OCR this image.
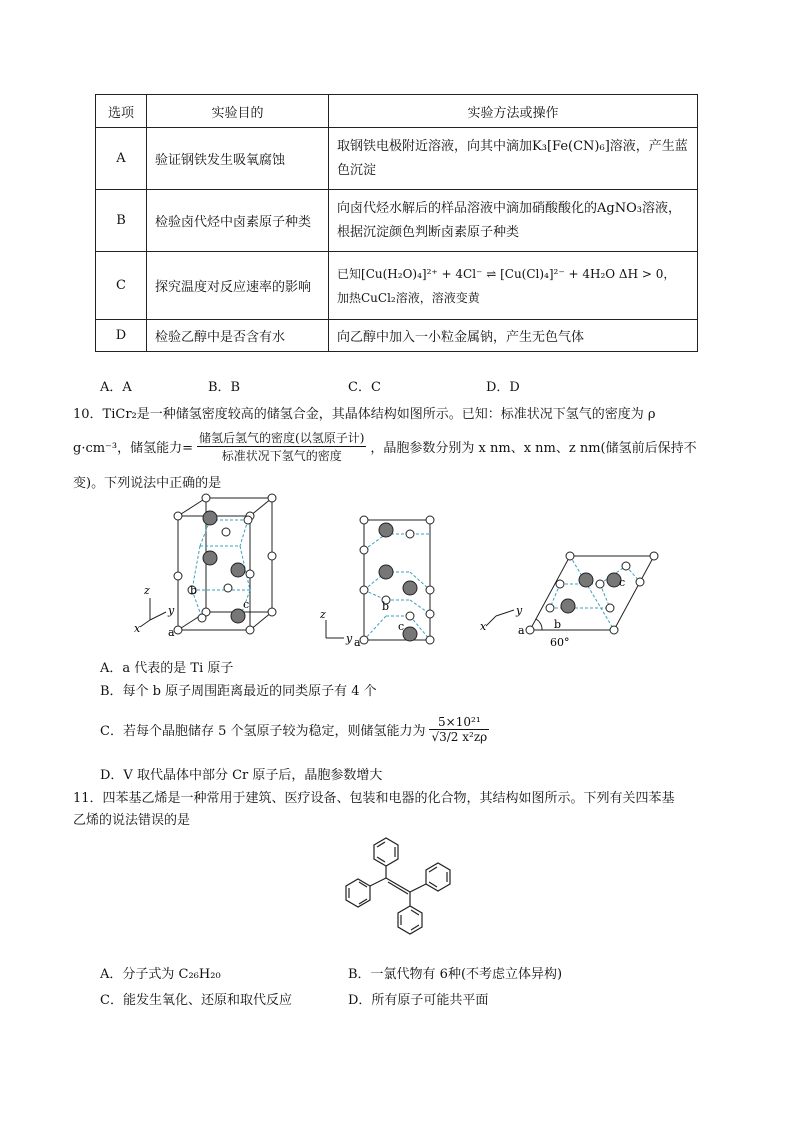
选项	实验目的	实验方法或操作
A	验证钢铁发生吸氧腐蚀	取钢铁电极附近溶液，向其中滴加K₃[Fe(CN)₆]溶液，产生蓝色沉淀
B	检验卤代烃中卤素原子种类	向卤代烃水解后的样品溶液中滴加硝酸酸化的AgNO₃溶液，根据沉淀颜色判断卤素原子种类
C	探究温度对反应速率的影响	已知[Cu(H₂O)₄]²⁺ + 4Cl⁻ ⇌ [Cu(Cl)₄]²⁻ + 4H₂O ΔH > 0，
加热CuCl₂溶液，溶液变黄
D	检验乙醇中是否含有水	向乙醇中加入一小粒金属钠，产生无色气体
A．A	B．B	C．C	D．D
10．TiCr₂是一种储氢密度较高的储氢合金，其晶体结构如图所示。已知：标准状况下氢气的密度为 ρ
g·cm⁻³，储氢能力= $\frac{\text{储氢后氢气的密度(以氢原子计)}}{\text{标准状况下氢气的密度}}$ ，晶胞参数分别为 x nm、x nm、z nm(储氢前后保持不
变)。下列说法中正确的是
z
y
x	a
b
c
z
y a
b
c
y
x	a	b
c
60°
A．a 代表的是 Ti 原子
B．每个 b 原子周围距离最近的同类原子有 4 个
C．若每个晶胞储存 5 个氢原子较为稳定，则储氢能力为 $\frac{\text{5×10²¹}}{\text{√3/2 x²zρ}}$
D．V 取代晶体中部分 Cr 原子后，晶胞参数增大
11．四苯基乙烯是一种常用于建筑、医疗设备、包装和电器的化合物，其结构如图所示。下列有关四苯基
乙烯的说法错误的是
A．分子式为 C₂₆H₂₀	B．一氯代物有 6种(不考虑立体异构)
C．能发生氧化、还原和取代反应	D．所有原子可能共平面
